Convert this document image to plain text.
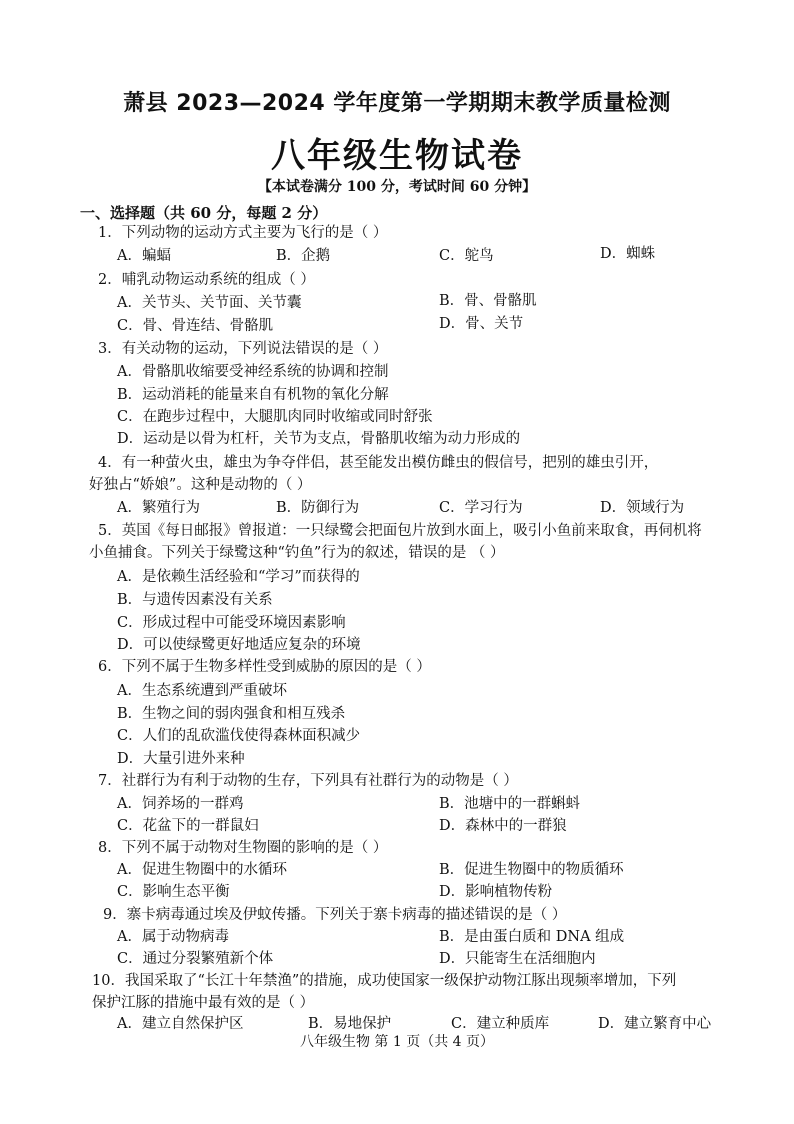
萧县 2023—2024 学年度第一学期期末教学质量检测
八年级生物试卷
【本试卷满分 100 分，考试时间 60 分钟】
一、选择题（共 60 分，每题 2 分）
1．下列动物的运动方式主要为飞行的是（ ）
A．蝙蝠	B．企鹅	C．鸵鸟	D．蜘蛛
2．哺乳动物运动系统的组成（ ）
A．关节头、关节面、关节囊	B．骨、骨骼肌
C．骨、骨连结、骨骼肌	D．骨、关节
3．有关动物的运动，下列说法错误的是（ ）
A．骨骼肌收缩要受神经系统的协调和控制
B．运动消耗的能量来自有机物的氧化分解
C．在跑步过程中，大腿肌肉同时收缩或同时舒张
D．运动是以骨为杠杆，关节为支点，骨骼肌收缩为动力形成的
4．有一种萤火虫，雄虫为争夺伴侣，甚至能发出模仿雌虫的假信号，把别的雄虫引开，
好独占“娇娘”。这种是动物的（ ）
A．繁殖行为	B．防御行为	C．学习行为	D．领域行为
5．英国《每日邮报》曾报道：一只绿鹭会把面包片放到水面上，吸引小鱼前来取食，再伺机将
小鱼捕食。下列关于绿鹭这种“钓鱼”行为的叙述，错误的是 （ ）
A．是依赖生活经验和“学习”而获得的
B．与遗传因素没有关系
C．形成过程中可能受环境因素影响
D．可以使绿鹭更好地适应复杂的环境
6．下列不属于生物多样性受到威胁的原因的是（ ）
A．生态系统遭到严重破坏
B．生物之间的弱肉强食和相互残杀
C．人们的乱砍滥伐使得森林面积减少
D．大量引进外来种
7．社群行为有利于动物的生存，下列具有社群行为的动物是（ ）
A．饲养场的一群鸡	B．池塘中的一群蝌蚪
C．花盆下的一群鼠妇	D．森林中的一群狼
8．下列不属于动物对生物圈的影响的是（ ）
A．促进生物圈中的水循环	B．促进生物圈中的物质循环
C．影响生态平衡	D．影响植物传粉
9．寨卡病毒通过埃及伊蚊传播。下列关于寨卡病毒的描述错误的是（ ）
A．属于动物病毒	B．是由蛋白质和 DNA 组成
C．通过分裂繁殖新个体	D．只能寄生在活细胞内
10．我国采取了“长江十年禁渔”的措施，成功使国家一级保护动物江豚出现频率增加，下列
保护江豚的措施中最有效的是（ ）
A．建立自然保护区	B．易地保护	C．建立种质库	D．建立繁育中心
八年级生物 第 1 页（共 4 页）
